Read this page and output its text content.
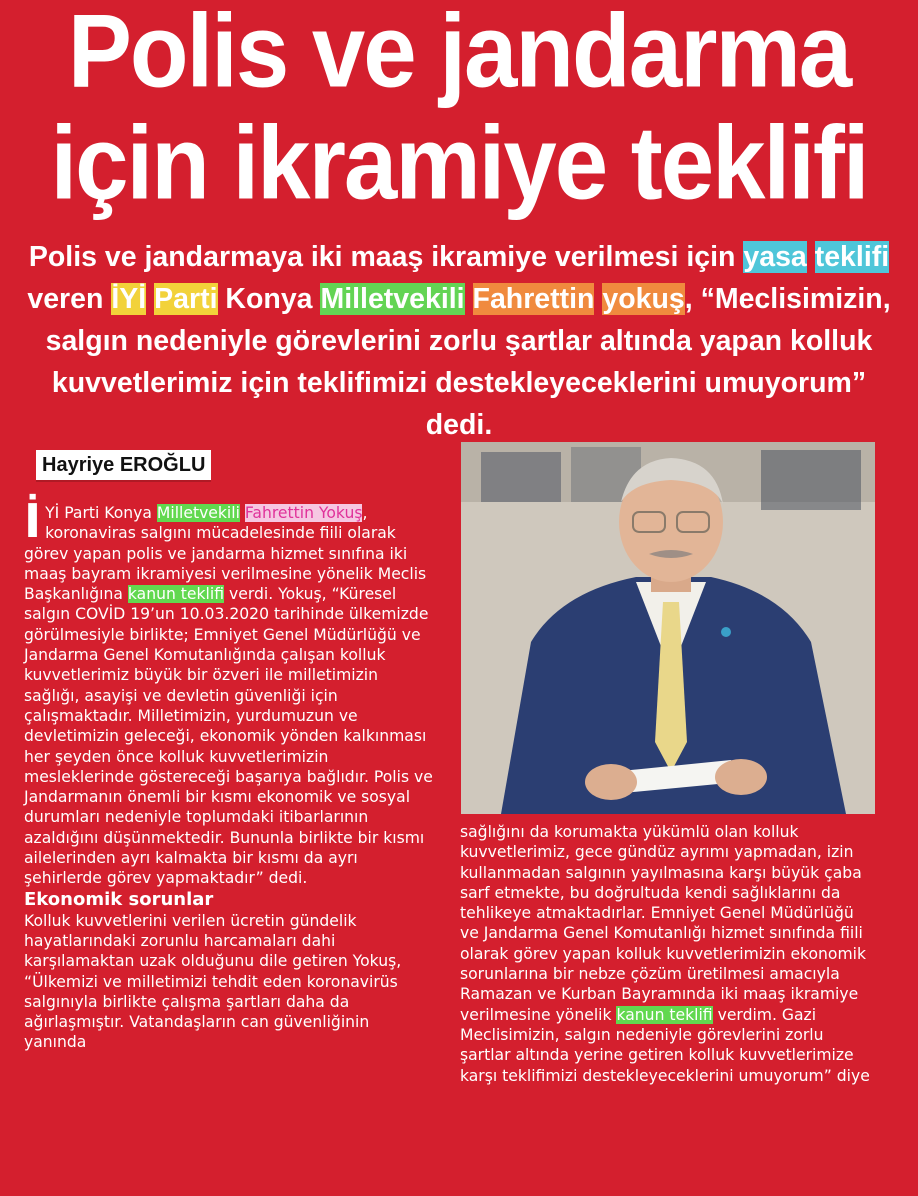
Polis ve jandarma
için ikramiye teklifi
Polis ve jandarmaya iki maaş ikramiye verilmesi için yasa teklifi veren İYİ Parti Konya Milletvekili Fahrettin yokuş, “Meclisimizin, salgın nedeniyle görevlerini zorlu şartlar altında yapan kolluk kuvvetlerimiz için teklifimizi destekleyeceklerini umuyorum” dedi.
Hayriye EROĞLU

İYİ Parti Konya Milletvekili Fahrettin Yokuş, koronaviras salgını mücadelesinde fiili olarak görev yapan polis ve jandarma hizmet sınıfına iki maaş bayram ikramiyesi verilmesine yönelik Meclis Başkanlığına kanun teklifi verdi. Yokuş, “Küresel salgın COVİD 19’un 10.03.2020 tarihinde ülkemizde görülmesiyle birlikte; Emniyet Genel Müdürlüğü ve Jandarma Genel Komutanlığında çalışan kolluk kuvvetlerimiz büyük bir özveri ile milletimizin sağlığı, asayişi ve devletin güvenliği için çalışmaktadır. Milletimizin, yurdumuzun ve devletimizin geleceği, ekonomik yönden kalkınması her şeyden önce kolluk kuvvetlerimizin mesleklerinde göstereceği başarıya bağlıdır. Polis ve Jandarmanın önemli bir kısmı ekonomik ve sosyal durumları nedeniyle toplumdaki itibarlarının azaldığını düşünmektedir. Bununla birlikte bir kısmı ailelerinden ayrı kalmakta bir kısmı da ayrı şehirlerde görev yapmaktadır” dedi.

Ekonomik sorunlar

Kolluk kuvvetlerini verilen ücretin gündelik hayatlarındaki zorunlu harcamaları dahi karşılamaktan uzak olduğunu dile getiren Yokuş, “Ülkemizi ve milletimizi tehdit eden koronavirüs salgınıyla birlikte çalışma şartları daha da ağırlaşmıştır. Vatandaşların can güvenliğinin yanında

sağlığını da korumakta yükümlü olan kolluk kuvvetlerimiz, gece gündüz ayrımı yapmadan, izin kullanmadan salgının yayılmasına karşı büyük çaba sarf etmekte, bu doğrultuda kendi sağlıklarını da tehlikeye atmaktadırlar. Emniyet Genel Müdürlüğü ve Jandarma Genel Komutanlığı hizmet sınıfında fiili olarak görev yapan kolluk kuvvetlerimizin ekonomik sorunlarına bir nebze çözüm üretilmesi amacıyla Ramazan ve Kurban Bayramında iki maaş ikramiye verilmesine yönelik kanun teklifi verdim. Gazi Meclisimizin, salgın nedeniyle görevlerini zorlu şartlar altında yerine getiren kolluk kuvvetlerimize karşı teklifimizi destekleyeceklerini umuyorum” diye
